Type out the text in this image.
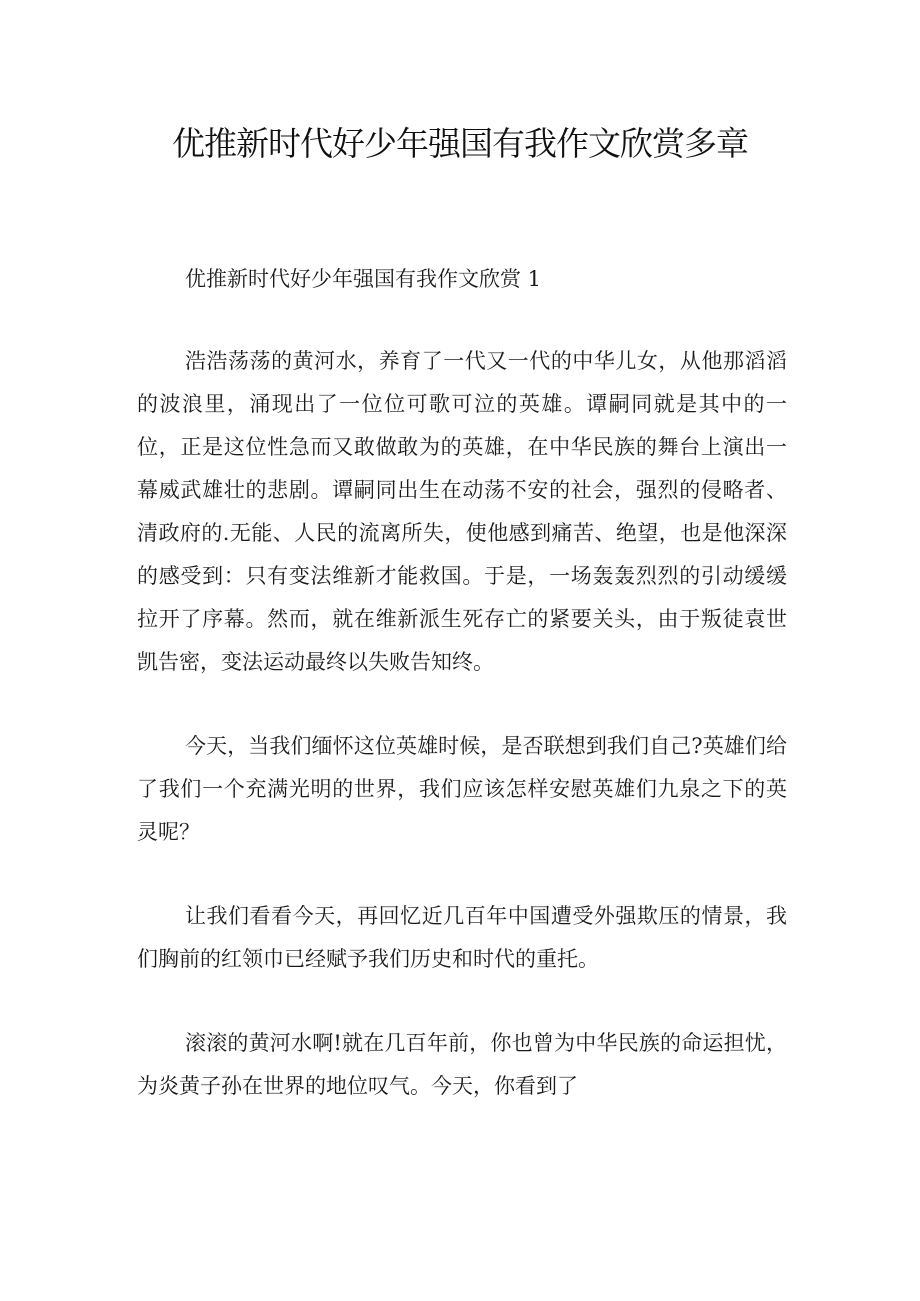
优推新时代好少年强国有我作文欣赏多章

优推新时代好少年强国有我作文欣赏 1

浩浩荡荡的黄河水，养育了一代又一代的中华儿女，从他那滔滔的波浪里，涌现出了一位位可歌可泣的英雄。谭嗣同就是其中的一位，正是这位性急而又敢做敢为的英雄，在中华民族的舞台上演出一幕威武雄壮的悲剧。谭嗣同出生在动荡不安的社会，强烈的侵略者、清政府的.无能、人民的流离所失，使他感到痛苦、绝望，也是他深深的感受到：只有变法维新才能救国。于是，一场轰轰烈烈的引动缓缓拉开了序幕。然而，就在维新派生死存亡的紧要关头，由于叛徒袁世凯告密，变法运动最终以失败告知终。

今天，当我们缅怀这位英雄时候，是否联想到我们自己?英雄们给了我们一个充满光明的世界，我们应该怎样安慰英雄们九泉之下的英灵呢？

让我们看看今天，再回忆近几百年中国遭受外强欺压的情景，我们胸前的红领巾已经赋予我们历史和时代的重托。

滚滚的黄河水啊!就在几百年前，你也曾为中华民族的命运担忧，为炎黄子孙在世界的地位叹气。今天，你看到了
